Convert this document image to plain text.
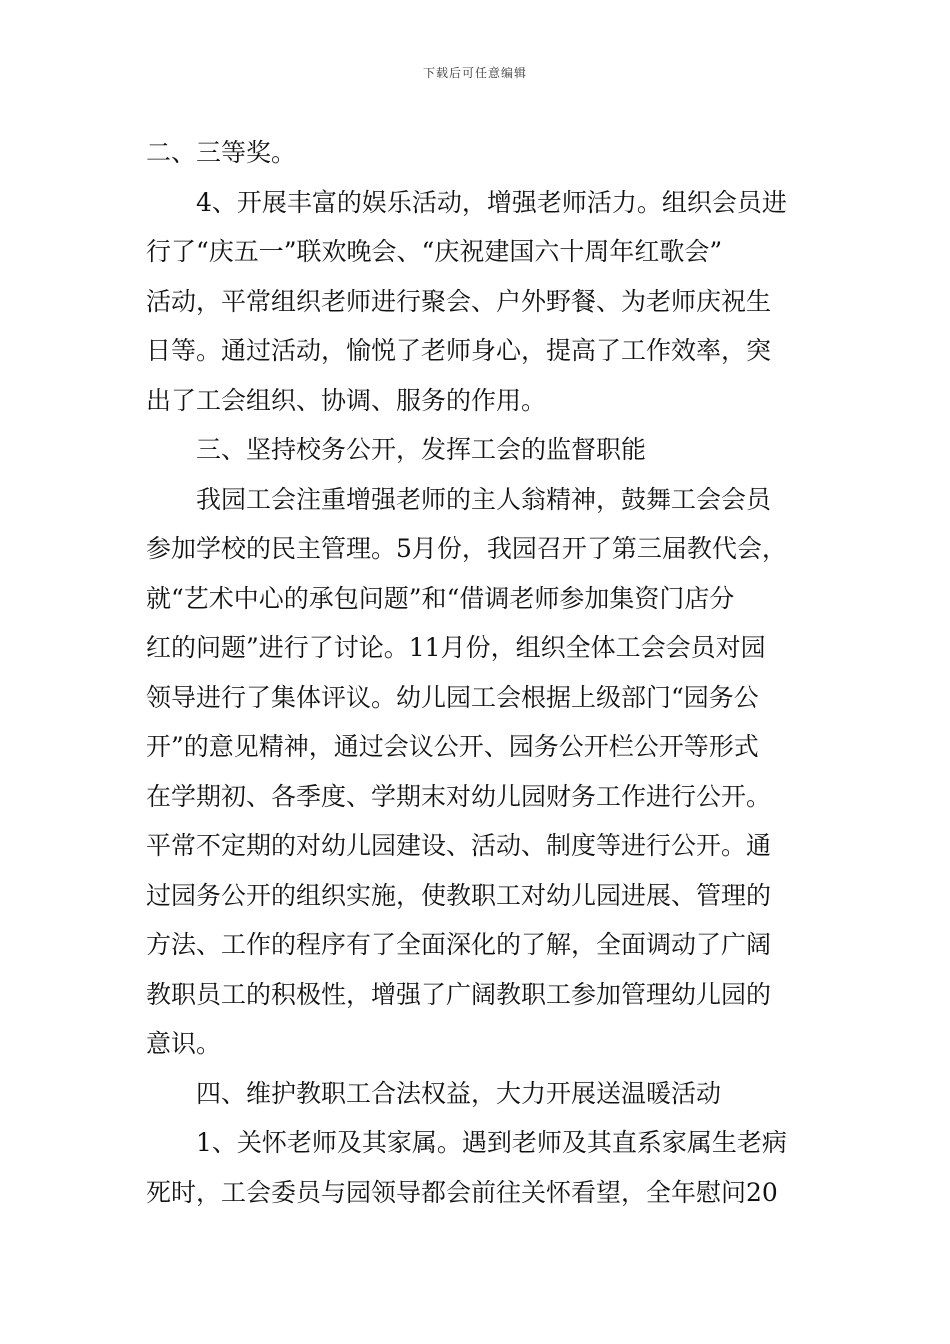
下载后可任意编辑
二、三等奖。
4、开展丰富的娱乐活动，增强老师活力。组织会员进
行了“庆五一”联欢晚会、“庆祝建国六十周年红歌会”
活动，平常组织老师进行聚会、户外野餐、为老师庆祝生
日等。通过活动，愉悦了老师身心，提高了工作效率，突
出了工会组织、协调、服务的作用。
三、坚持校务公开，发挥工会的监督职能
我园工会注重增强老师的主人翁精神，鼓舞工会会员
参加学校的民主管理。5月份，我园召开了第三届教代会，
就“艺术中心的承包问题”和“借调老师参加集资门店分
红的问题”进行了讨论。11月份，组织全体工会会员对园
领导进行了集体评议。幼儿园工会根据上级部门“园务公
开”的意见精神，通过会议公开、园务公开栏公开等形式
在学期初、各季度、学期末对幼儿园财务工作进行公开。
平常不定期的对幼儿园建设、活动、制度等进行公开。通
过园务公开的组织实施，使教职工对幼儿园进展、管理的
方法、工作的程序有了全面深化的了解，全面调动了广阔
教职员工的积极性，增强了广阔教职工参加管理幼儿园的
意识。
四、维护教职工合法权益，大力开展送温暖活动
1、关怀老师及其家属。遇到老师及其直系家属生老病
死时，工会委员与园领导都会前往关怀看望，全年慰问20
